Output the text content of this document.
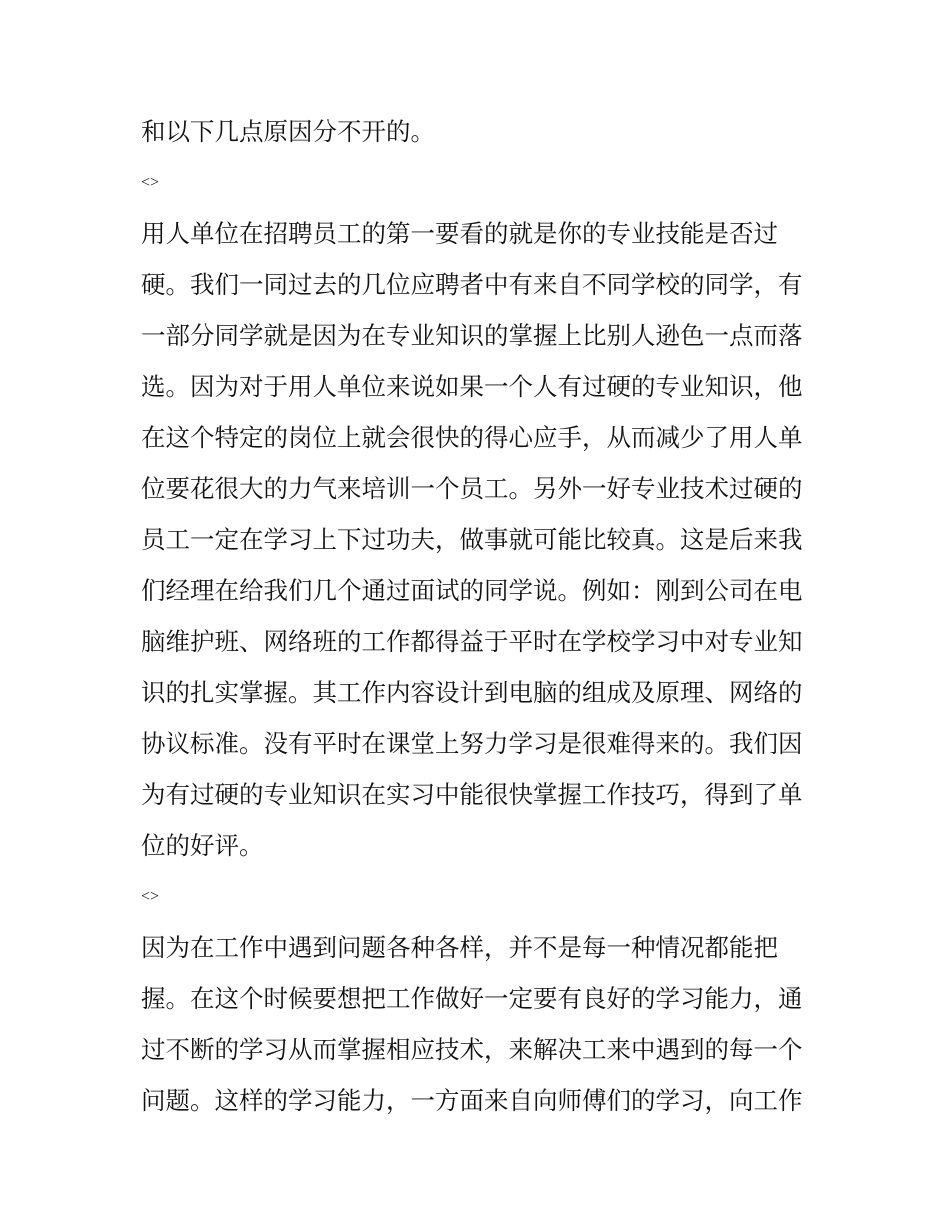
和以下几点原因分不开的。
<>
用人单位在招聘员工的第一要看的就是你的专业技能是否过
硬。我们一同过去的几位应聘者中有来自不同学校的同学，有
一部分同学就是因为在专业知识的掌握上比别人逊色一点而落
选。因为对于用人单位来说如果一个人有过硬的专业知识，他
在这个特定的岗位上就会很快的得心应手，从而减少了用人单
位要花很大的力气来培训一个员工。另外一好专业技术过硬的
员工一定在学习上下过功夫，做事就可能比较真。这是后来我
们经理在给我们几个通过面试的同学说。例如：刚到公司在电
脑维护班、网络班的工作都得益于平时在学校学习中对专业知
识的扎实掌握。其工作内容设计到电脑的组成及原理、网络的
协议标准。没有平时在课堂上努力学习是很难得来的。我们因
为有过硬的专业知识在实习中能很快掌握工作技巧，得到了单
位的好评。
<>
因为在工作中遇到问题各种各样，并不是每一种情况都能把
握。在这个时候要想把工作做好一定要有良好的学习能力，通
过不断的学习从而掌握相应技术，来解决工来中遇到的每一个
问题。这样的学习能力，一方面来自向师傅们的学习，向工作
